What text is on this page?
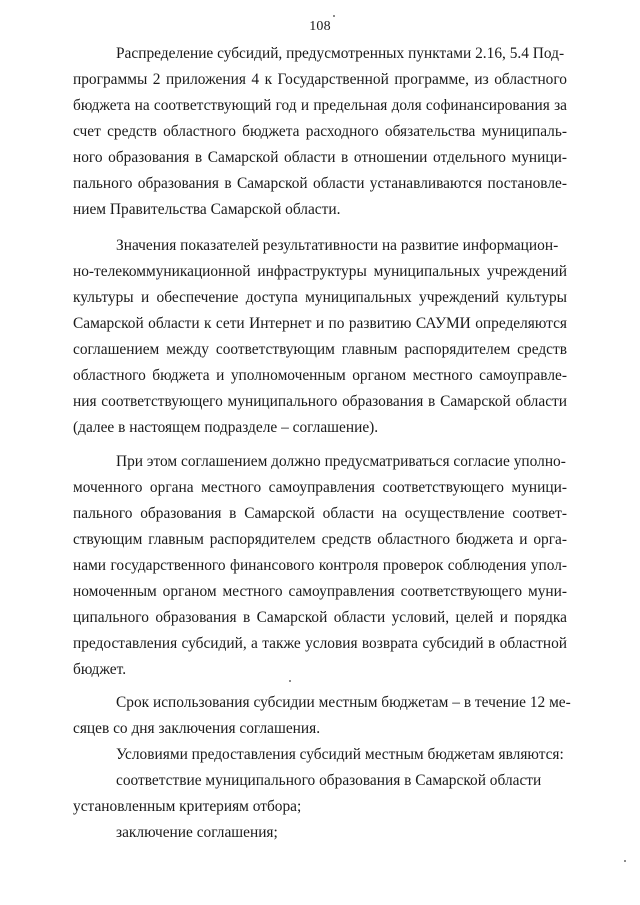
108
Распределение субсидий, предусмотренных пунктами 2.16, 5.4 Под-
программы 2 приложения 4 к Государственной программе, из областного
бюджета на соответствующий год и предельная доля софинансирования за
счет средств областного бюджета расходного обязательства муниципаль-
ного образования в Самарской области в отношении отдельного муници-
пального образования в Самарской области устанавливаются постановле-
нием Правительства Самарской области.
Значения показателей результативности на развитие информацион-
но-телекоммуникационной инфраструктуры муниципальных учреждений
культуры и обеспечение доступа муниципальных учреждений культуры
Самарской области к сети Интернет и по развитию САУМИ определяются
соглашением между соответствующим главным распорядителем средств
областного бюджета и уполномоченным органом местного самоуправле-
ния соответствующего муниципального образования в Самарской области
(далее в настоящем подразделе – соглашение).
При этом соглашением должно предусматриваться согласие уполно-
моченного органа местного самоуправления соответствующего муници-
пального образования в Самарской области на осуществление соответ-
ствующим главным распорядителем средств областного бюджета и орга-
нами государственного финансового контроля проверок соблюдения упол-
номоченным органом местного самоуправления соответствующего муни-
ципального образования в Самарской области условий, целей и порядка
предоставления субсидий, а также условия возврата субсидий в областной
бюджет.
Срок использования субсидии местным бюджетам – в течение 12 ме-
сяцев со дня заключения соглашения.
Условиями предоставления субсидий местным бюджетам являются:
соответствие муниципального образования в Самарской области
установленным критериям отбора;
заключение соглашения;
